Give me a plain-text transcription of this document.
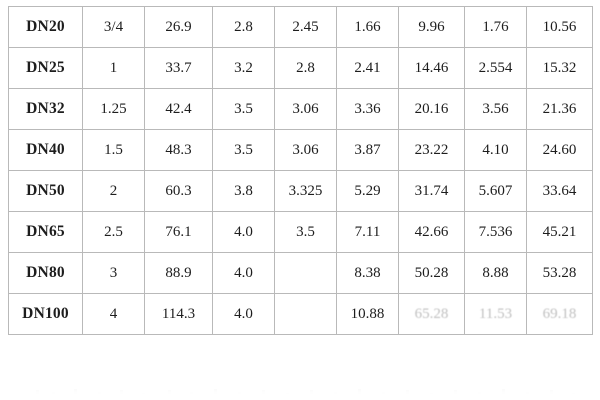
DN20	3/4	26.9	2.8	2.45	1.66	9.96	1.76	10.56
DN25	1	33.7	3.2	2.8	2.41	14.46	2.554	15.32
DN32	1.25	42.4	3.5	3.06	3.36	20.16	3.56	21.36
DN40	1.5	48.3	3.5	3.06	3.87	23.22	4.10	24.60
DN50	2	60.3	3.8	3.325	5.29	31.74	5.607	33.64
DN65	2.5	76.1	4.0	3.5	7.11	42.66	7.536	45.21
DN80	3	88.9	4.0		8.38	50.28	8.88	53.28
DN100	4	114.3	4.0		10.88	65.28	11.53	69.18
